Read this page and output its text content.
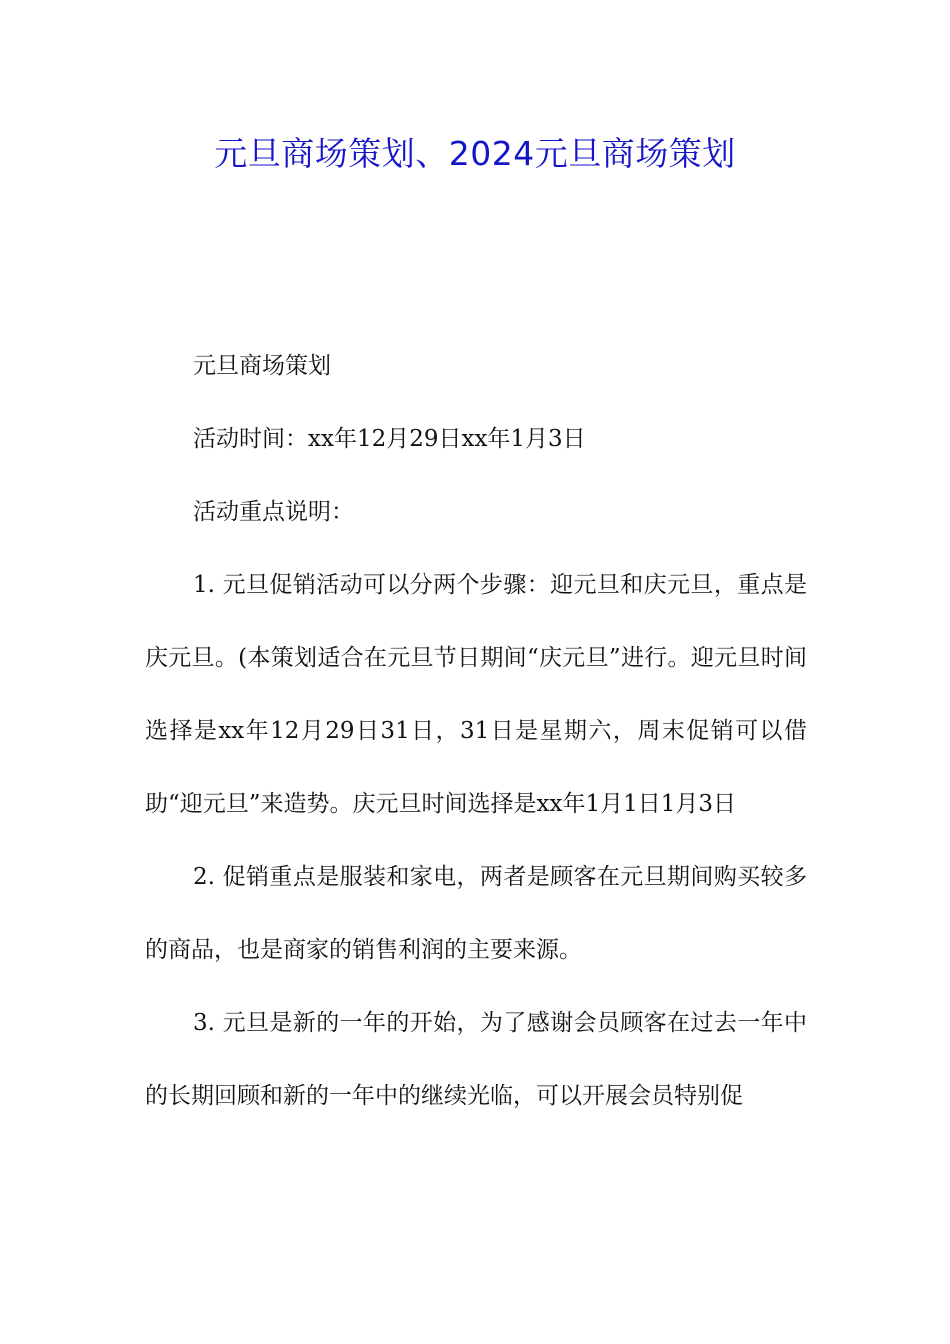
元旦商场策划、2024元旦商场策划

元旦商场策划

活动时间：xx年12月29日xx年1月3日

活动重点说明：

1. 元旦促销活动可以分两个步骤：迎元旦和庆元旦，重点是庆元旦。(本策划适合在元旦节日期间“庆元旦”进行。迎元旦时间选择是xx年12月29日31日，31日是星期六，周末促销可以借助“迎元旦”来造势。庆元旦时间选择是xx年1月1日1月3日

2. 促销重点是服装和家电，两者是顾客在元旦期间购买较多的商品，也是商家的销售利润的主要来源。

3. 元旦是新的一年的开始，为了感谢会员顾客在过去一年中的长期回顾和新的一年中的继续光临，可以开展会员特别促
